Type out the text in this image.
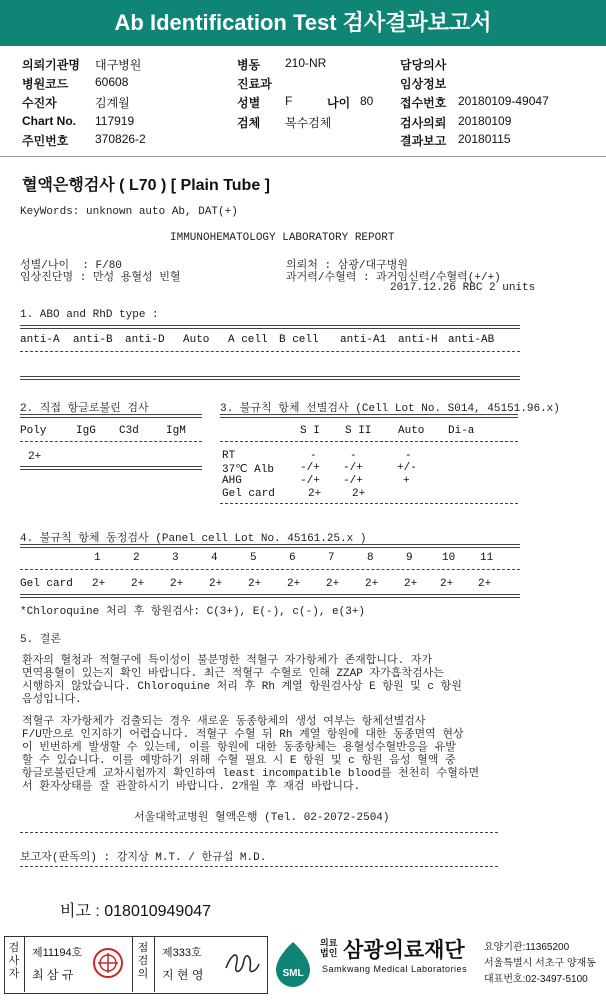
Ab Identification Test 검사결과보고서
의뢰기관명 대구병원
병원코드 60608
수진자	김계월
Chart No. 117919
주민번호 370826-2
병동 210-NR
진료과
성별 F	나이 80
검체 복수검체
담당의사
임상정보
접수번호 20180109-49047
검사의뢰 20180109
결과보고 20180115
혈액은행검사 ( L70 ) [ Plain Tube ]
KeyWords: unknown auto Ab, DAT(+)
IMMUNOHEMATOLOGY LABORATORY REPORT
성별/나이  : F/80
임상진단명 : 만성 용혈성 빈혈
의뢰처 : 삼광/대구병원
과거력/수혈력 : 과거임신력/수혈력(+/+)
2017.12.26 RBC 2 units
1. ABO and RhD type :
anti-A anti-B anti-D Auto A cell B cell anti-A1 anti-H anti-AB
2. 직접 항글로불린 검사
Poly	IgG C3d IgM
2+
3. 불규칙 항체 선별검사 (Cell Lot No. S014, 45151.96.x)
S I S II Auto Di-a
RT	-	-	-
37℃ Alb -/+ -/+	+/-
AHG	-/+ -/+	+
Gel card	2+	2+
4. 불규칙 항체 동정검사 (Panel cell Lot No. 45161.25.x )
1	2	3	4	5	6	7	8	9	10 11
Gel card 2+ 2+ 2+ 2+ 2+ 2+ 2+ 2+ 2+ 2+ 2+
*Chloroquine 처리 후 항원검사: C(3+), E(-), c(-), e(3+)
5. 결론
환자의 혈청과 적혈구에 특이성이 불분명한 적혈구 자가항체가 존재합니다. 자가
면역용혈이 있는지 확인 바랍니다. 최근 적혈구 수혈로 인해 ZZAP 자가흡착검사는
시행하지 않았습니다. Chloroquine 처리 후 Rh 계열 항원검사상 E 항원 및 c 항원
음성입니다.
적혈구 자가항체가 검출되는 경우 새로운 동종항체의 생성 여부는 항체선별검사
F/U만으로 인지하기 어렵습니다. 적혈구 수혈 뒤 Rh 계열 항원에 대한 동종면역 현상
이 빈번하게 발생할 수 있는데, 이를 항원에 대한 동종항체는 용혈성수혈반응을 유발
할 수 있습니다. 이를 예방하기 위해 수혈 필요 시 E 항원 및 c 항원 음성 혈액 중
항글로불린단계 교차시험까지 확인하여 least incompatible blood를 천천히 수혈하면
서 환자상태를 잘 관찰하시기 바랍니다. 2개월 후 재검 바랍니다.
서울대학교병원 혈액은행 (Tel. 02-2072-2504)
보고자(판독의) : 강지상 M.T. / 한규섭 M.D.
비고 : 018010949047
검사자
제11194호
최 삼 규
점검의
제333호
지 현 영	SML
의료법인 삼광의료재단
Samkwang Medical Laboratories
요양기관:11365200
서울특별시 서초구 양재동
대표번호:02-3497-5100
